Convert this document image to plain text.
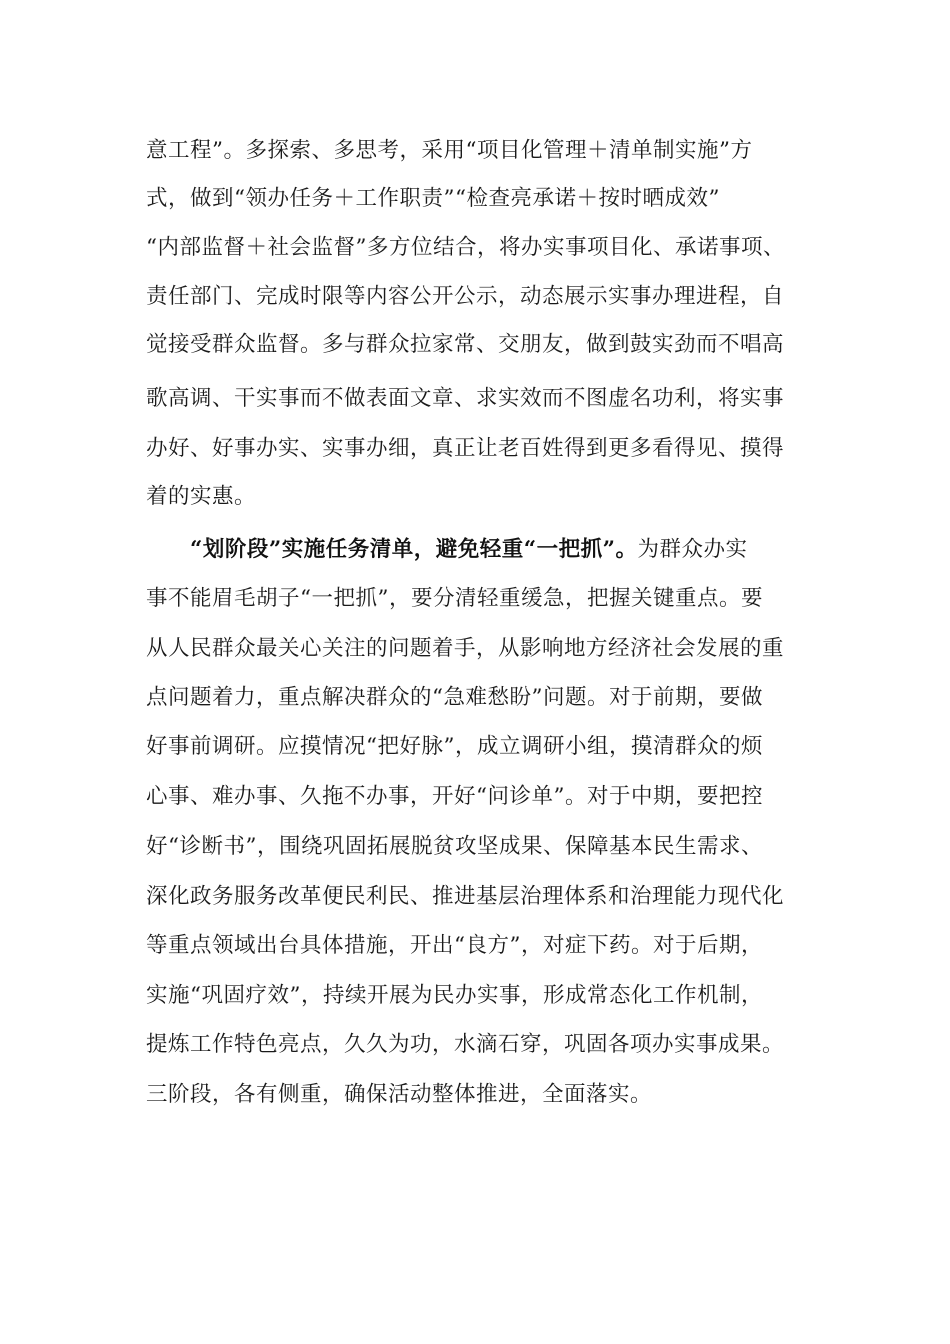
意工程”。多探索、多思考，采用“项目化管理＋清单制实施”方
式，做到“领办任务＋工作职责”“检查亮承诺＋按时晒成效”
“内部监督＋社会监督”多方位结合，将办实事项目化、承诺事项、
责任部门、完成时限等内容公开公示，动态展示实事办理进程，自
觉接受群众监督。多与群众拉家常、交朋友，做到鼓实劲而不唱高
歌高调、干实事而不做表面文章、求实效而不图虚名功利，将实事
办好、好事办实、实事办细，真正让老百姓得到更多看得见、摸得
着的实惠。
“划阶段”实施任务清单，避免轻重“一把抓”。为群众办实
事不能眉毛胡子“一把抓”，要分清轻重缓急，把握关键重点。要
从人民群众最关心关注的问题着手，从影响地方经济社会发展的重
点问题着力，重点解决群众的“急难愁盼”问题。对于前期，要做
好事前调研。应摸情况“把好脉”，成立调研小组，摸清群众的烦
心事、难办事、久拖不办事，开好“问诊单”。对于中期，要把控
好“诊断书”，围绕巩固拓展脱贫攻坚成果、保障基本民生需求、
深化政务服务改革便民利民、推进基层治理体系和治理能力现代化
等重点领域出台具体措施，开出“良方”，对症下药。对于后期，
实施“巩固疗效”，持续开展为民办实事，形成常态化工作机制，
提炼工作特色亮点，久久为功，水滴石穿，巩固各项办实事成果。
三阶段，各有侧重，确保活动整体推进，全面落实。
